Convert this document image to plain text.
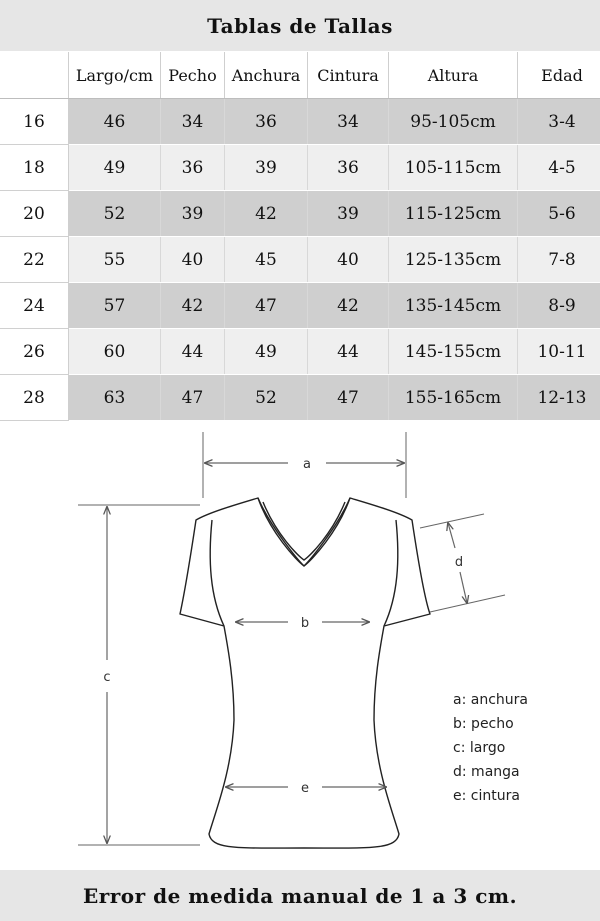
Tablas de Tallas
	Largo/cm	Pecho	Anchura	Cintura	Altura	Edad
16	46	34	36	34	95-105cm	3-4
18	49	36	39	36	105-115cm	4-5
20	52	39	42	39	115-125cm	5-6
22	55	40	45	40	125-135cm	7-8
24	57	42	47	42	135-145cm	8-9
26	60	44	49	44	145-155cm	10-11
28	63	47	52	47	155-165cm	12-13
a
b
c
d
e
a: anchura
b: pecho
c: largo
d: manga
e: cintura
Error de medida manual de 1 a 3 cm.
